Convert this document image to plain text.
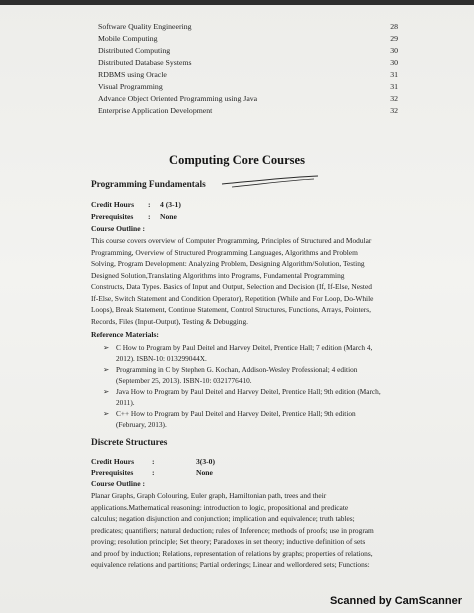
Software Quality Engineering	28
Mobile Computing	29
Distributed Computing	30
Distributed Database Systems	30
RDBMS using Oracle	31
Visual Programming	31
Advance Object Oriented Programming using Java	32
Enterprise Application Development	32
Computing Core Courses
Programming Fundamentals
Credit Hours : 4 (3-1)
Prerequisites : None
Course Outline :
This course covers overview of Computer Programming, Principles of Structured and Modular
Programming, Overview of Structured Programming Languages, Algorithms and Problem
Solving, Program Development: Analyzing Problem, Designing Algorithm/Solution, Testing
Designed Solution,Translating Algorithms into Programs, Fundamental Programming
Constructs, Data Types. Basics of Input and Output, Selection and Decision (If, If-Else, Nested
If-Else, Switch Statement and Condition Operator), Repetition (While and For Loop, Do-While
Loops), Break Statement, Continue Statement, Control Structures, Functions, Arrays, Pointers,
Records, Files (Input-Output), Testing & Debugging.
Reference Materials:
➢ C How to Program by Paul Deitel and Harvey Deitel, Prentice Hall; 7 edition (March 4,
2012). ISBN-10: 013299044X.
➢ Programming in C by Stephen G. Kochan, Addison-Wesley Professional; 4 edition
(September 25, 2013). ISBN-10: 0321776410.
➢ Java How to Program by Paul Deitel and Harvey Deitel, Prentice Hall; 9th edition (March,
2011).
➢ C++ How to Program by Paul Deitel and Harvey Deitel, Prentice Hall; 9th edition
(February, 2013).
Discrete Structures
Credit Hours :	3(3-0)
Prerequisites :	None
Course Outline :
Planar Graphs, Graph Colouring, Euler graph, Hamiltonian path, trees and their
applications.Mathematical reasoning: introduction to logic, propositional and predicate
calculus; negation disjunction and conjunction; implication and equivalence; truth tables;
predicates; quantifiers; natural deduction; rules of Inference; methods of proofs; use in program
proving; resolution principle; Set theory; Paradoxes in set theory; inductive definition of sets
and proof by induction; Relations, representation of relations by graphs; properties of relations,
equivalence relations and partitions; Partial orderings; Linear and wellordered sets; Functions:
Scanned by CamScanner
